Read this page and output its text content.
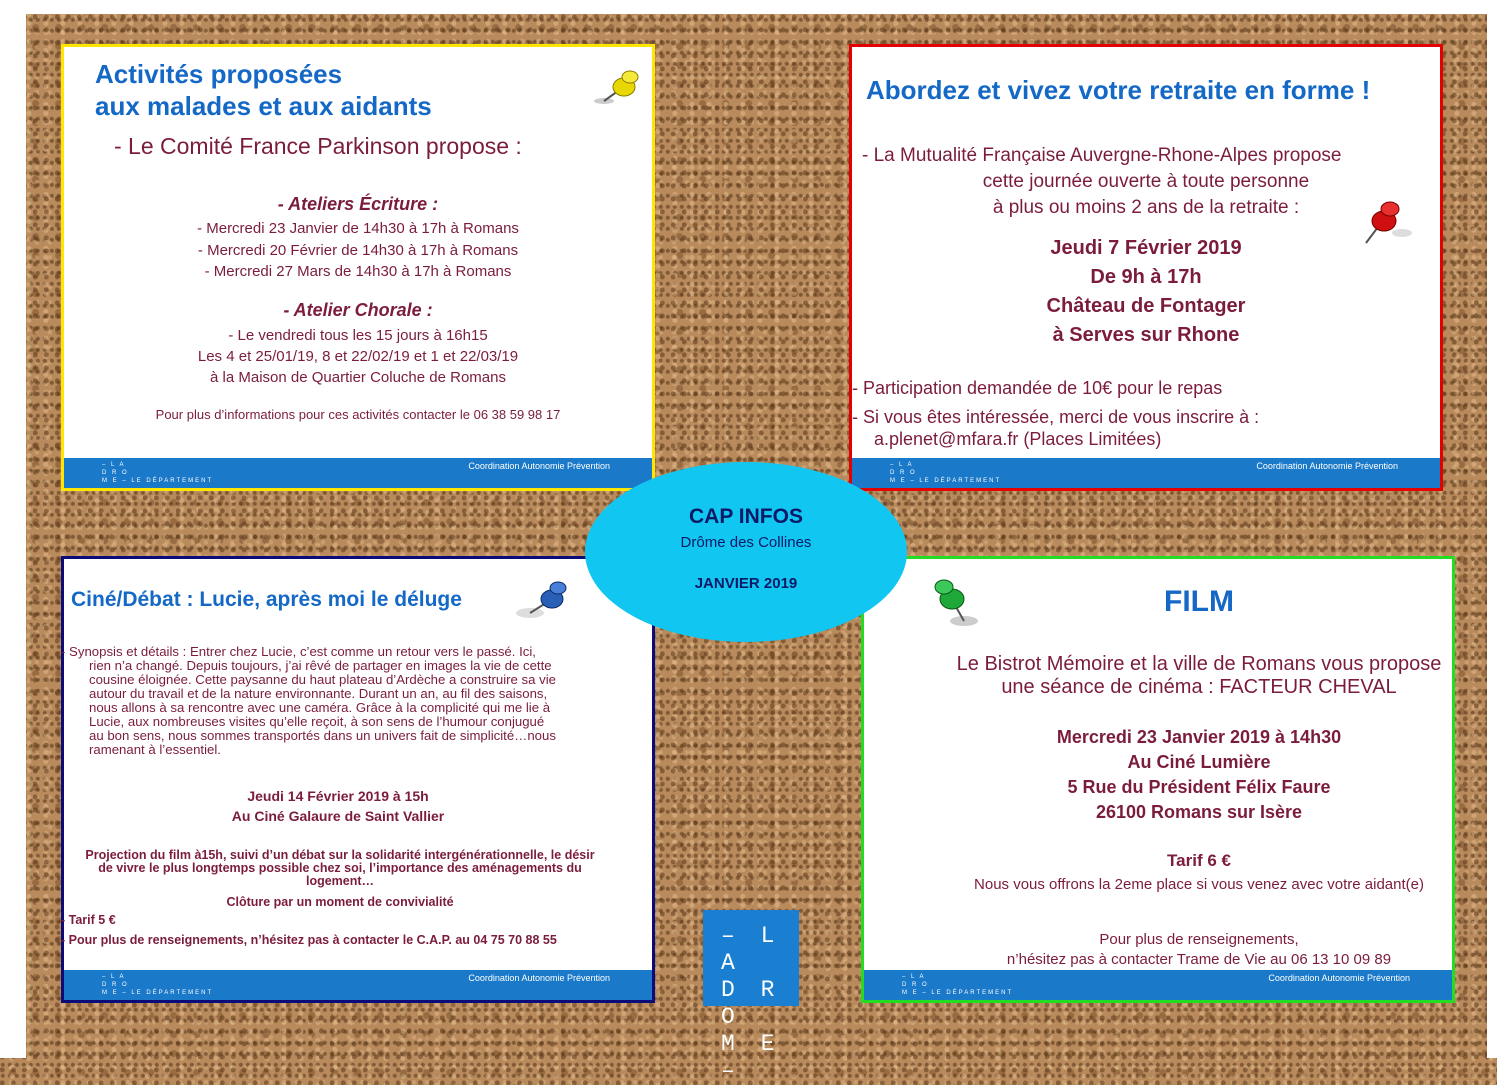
Activités proposées
aux malades et aux aidants
- Le Comité France Parkinson propose :
- Ateliers Écriture :
- Mercredi 23 Janvier de 14h30 à 17h à Romans
- Mercredi 20 Février de 14h30 à 17h à Romans
- Mercredi 27 Mars de 14h30 à 17h à Romans
- Atelier Chorale :
- Le vendredi tous les 15 jours à 16h15
Les 4 et 25/01/19, 8 et 22/02/19 et 1 et 22/03/19
à la Maison de Quartier Coluche de Romans
Pour plus d’informations pour ces activités contacter le 06 38 59 98 17
– L A
D R O
M E – LE DÉPARTEMENT
Coordination Autonomie Prévention
Abordez et vivez votre retraite en forme !
- La Mutualité Française Auvergne-Rhone-Alpes propose
cette journée ouverte à toute personne
à plus ou moins 2 ans de la retraite :
Jeudi 7 Février 2019
De 9h à 17h
Château de Fontager
à Serves sur Rhone
- Participation demandée de 10€ pour le repas
- Si vous êtes intéressée, merci de vous inscrire à :
a.plenet@mfara.fr (Places Limitées)
– L A
D R O
M E – LE DÉPARTEMENT
Coordination Autonomie Prévention
Ciné/Débat : Lucie, après moi le déluge
- Synopsis et détails : Entrer chez Lucie, c’est comme un retour vers le passé. Ici,
rien n’a changé. Depuis toujours, j’ai rêvé de partager en images la vie de cette
cousine éloignée. Cette paysanne du haut plateau d’Ardèche a construire sa vie
autour du travail et de la nature environnante. Durant un an, au fil des saisons,
nous allons à sa rencontre avec une caméra. Grâce à la complicité qui me lie à
Lucie, aux nombreuses visites qu’elle reçoit, à son sens de l’humour conjugué
au bon sens, nous sommes transportés dans un univers fait de simplicité…nous
ramenant à l’essentiel.
Jeudi 14 Février 2019 à 15h
Au Ciné Galaure de Saint Vallier
Projection du film à15h, suivi d’un débat sur la solidarité intergénérationnelle, le désir
de vivre le plus longtemps possible chez soi, l’importance des aménagements du
logement…
Clôture par un moment de convivialité
- Tarif 5 €
- Pour plus de renseignements, n’hésitez pas à contacter le C.A.P. au 04 75 70 88 55
– L A
D R O
M E – LE DÉPARTEMENT
Coordination Autonomie Prévention
FILM
Le Bistrot Mémoire et la ville de Romans vous propose
une séance de cinéma : FACTEUR CHEVAL
Mercredi 23 Janvier 2019 à 14h30
Au Ciné Lumière
5 Rue du Président Félix Faure
26100 Romans sur Isère
Tarif 6 €
Nous vous offrons la 2eme place si vous venez avec votre aidant(e)
Pour plus de renseignements,
n’hésitez pas à contacter Trame de Vie au 06 13 10 09 89
– L A
D R O
M E – LE DÉPARTEMENT
Coordination Autonomie Prévention
CAP INFOS
Drôme des Collines
JANVIER 2019
– L A
D R O
M E –
